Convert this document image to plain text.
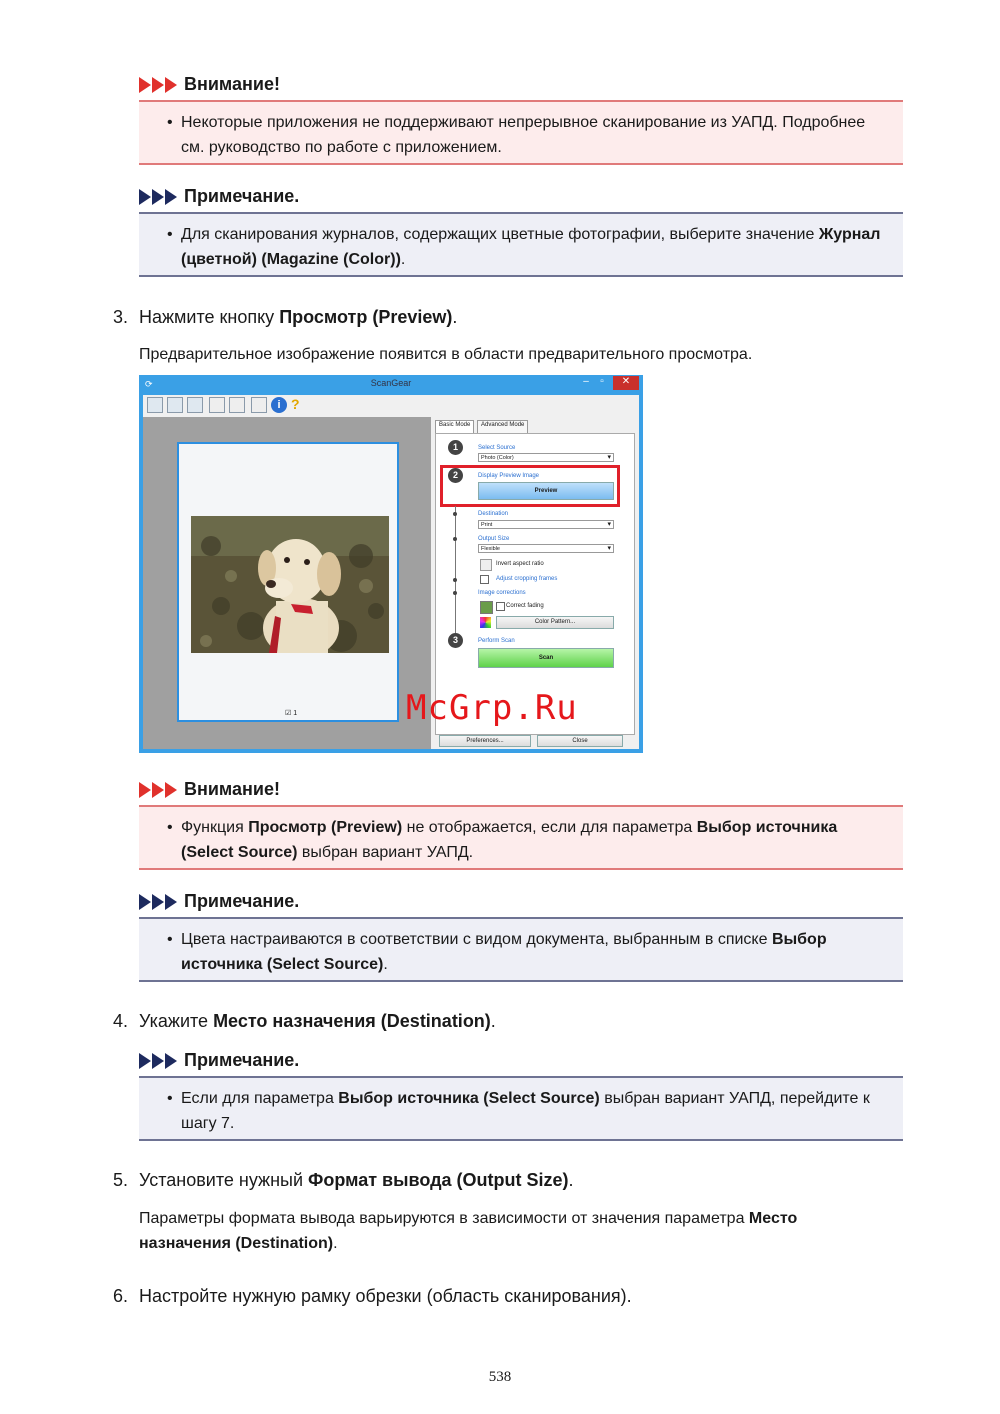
Внимание!
• Некоторые приложения не поддерживают непрерывное сканирование из УАПД. Подробнее см. руководство по работе с приложением.
Примечание.
• Для сканирования журналов, содержащих цветные фотографии, выберите значение Журнал (цветной) (Magazine (Color)).
3. Нажмите кнопку Просмотр (Preview).
Предварительное изображение появится в области предварительного просмотра.
⟳	ScanGear	–	▫	✕
i ?
☑ 1
Basic Mode	Advanced Mode
1	Select Source
Photo (Color) ▾
2	Display Preview Image
Preview
Destination
Print ▾
Output Size
Flexible ▾
Invert aspect ratio
Adjust cropping frames
Image corrections
Correct fading
Color Pattern...
3	Perform Scan
Scan
Preferences...	Close
McGrp.Ru
Внимание!
• Функция Просмотр (Preview) не отображается, если для параметра Выбор источника (Select Source) выбран вариант УАПД.
Примечание.
• Цвета настраиваются в соответствии с видом документа, выбранным в списке Выбор источника (Select Source).
4. Укажите Место назначения (Destination).
Примечание.
• Если для параметра Выбор источника (Select Source) выбран вариант УАПД, перейдите к шагу 7.
5. Установите нужный Формат вывода (Output Size).
Параметры формата вывода варьируются в зависимости от значения параметра Место назначения (Destination).
6. Настройте нужную рамку обрезки (область сканирования).
538
